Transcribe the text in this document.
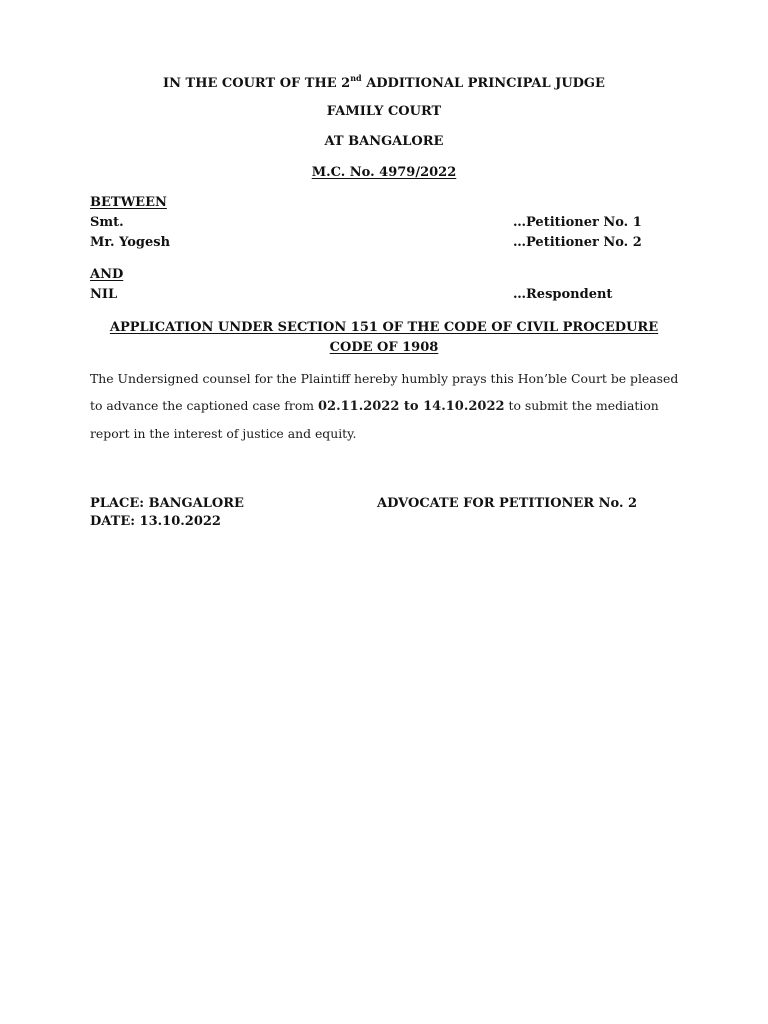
IN THE COURT OF THE 2nd ADDITIONAL PRINCIPAL JUDGE
FAMILY COURT
AT BANGALORE
M.C. No. 4979/2022
BETWEEN
Smt.	…Petitioner No. 1
Mr. Yogesh	…Petitioner No. 2
AND
NIL	…Respondent
APPLICATION UNDER SECTION 151 OF THE CODE OF CIVIL PROCEDURE
CODE OF 1908
The Undersigned counsel for the Plaintiff hereby humbly prays this Hon’ble Court be pleased to advance the captioned case from 02.11.2022 to 14.10.2022 to submit the mediation report in the interest of justice and equity.
PLACE: BANGALORE	ADVOCATE FOR PETITIONER No. 2
DATE: 13.10.2022
